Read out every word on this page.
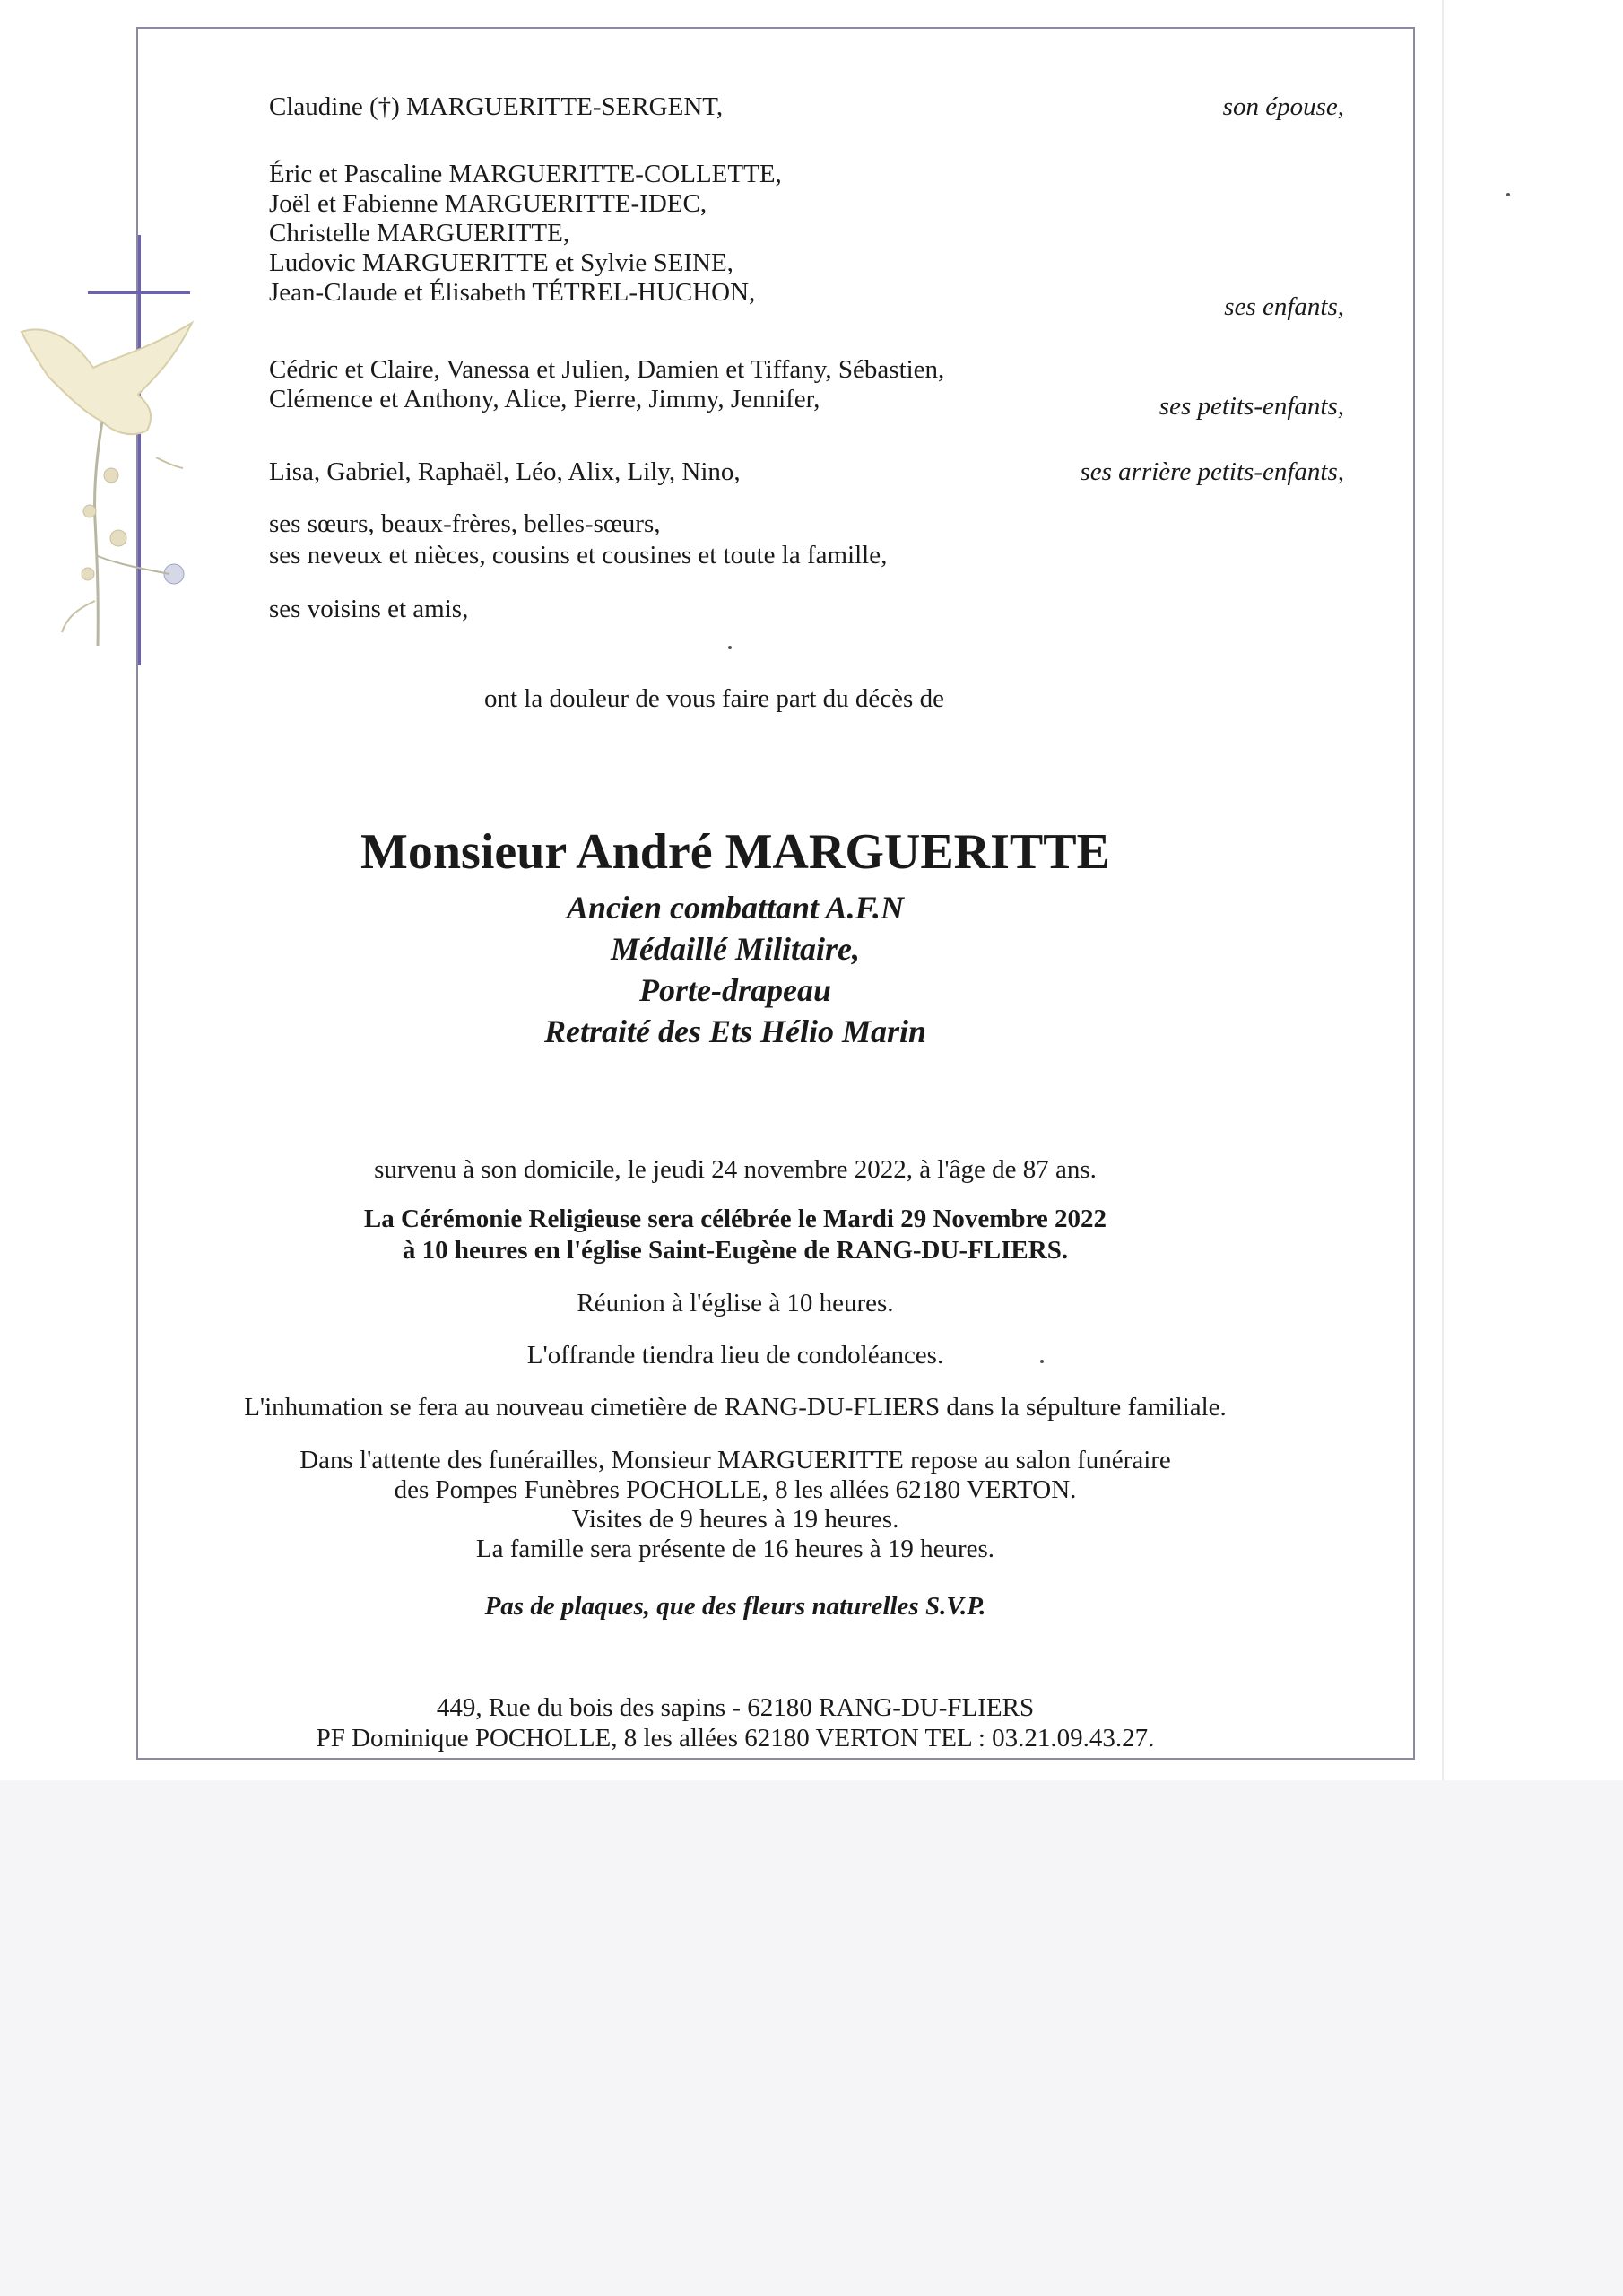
Claudine (†) MARGUERITTE-SERGENT,	son épouse,
Éric et Pascaline MARGUERITTE-COLLETTE,
Joël et Fabienne MARGUERITTE-IDEC,
Christelle MARGUERITTE,
Ludovic MARGUERITTE et Sylvie SEINE,
Jean-Claude et Élisabeth TÉTREL-HUCHON,	ses enfants,
Cédric et Claire, Vanessa et Julien, Damien et Tiffany, Sébastien,
Clémence et Anthony, Alice, Pierre, Jimmy, Jennifer,	ses petits-enfants,
Lisa, Gabriel, Raphaël, Léo, Alix, Lily, Nino,	ses arrière petits-enfants,
ses sœurs, beaux-frères, belles-sœurs,
ses neveux et nièces, cousins et cousines et toute la famille,
ses voisins et amis,
ont la douleur de vous faire part du décès de
Monsieur André MARGUERITTE
Ancien combattant A.F.N
Médaillé Militaire,
Porte-drapeau
Retraité des Ets Hélio Marin
survenu à son domicile, le jeudi 24 novembre 2022, à l'âge de 87 ans.
La Cérémonie Religieuse sera célébrée le Mardi 29 Novembre 2022
à 10 heures en l'église Saint-Eugène de RANG-DU-FLIERS.
Réunion à l'église à 10 heures.
L'offrande tiendra lieu de condoléances.
L'inhumation se fera au nouveau cimetière de RANG-DU-FLIERS dans la sépulture familiale.
Dans l'attente des funérailles, Monsieur MARGUERITTE repose au salon funéraire
des Pompes Funèbres POCHOLLE, 8 les allées 62180 VERTON.
Visites de 9 heures à 19 heures.
La famille sera présente de 16 heures à 19 heures.
Pas de plaques, que des fleurs naturelles S.V.P.
449, Rue du bois des sapins - 62180 RANG-DU-FLIERS
PF Dominique POCHOLLE, 8 les allées 62180 VERTON TEL : 03.21.09.43.27.
